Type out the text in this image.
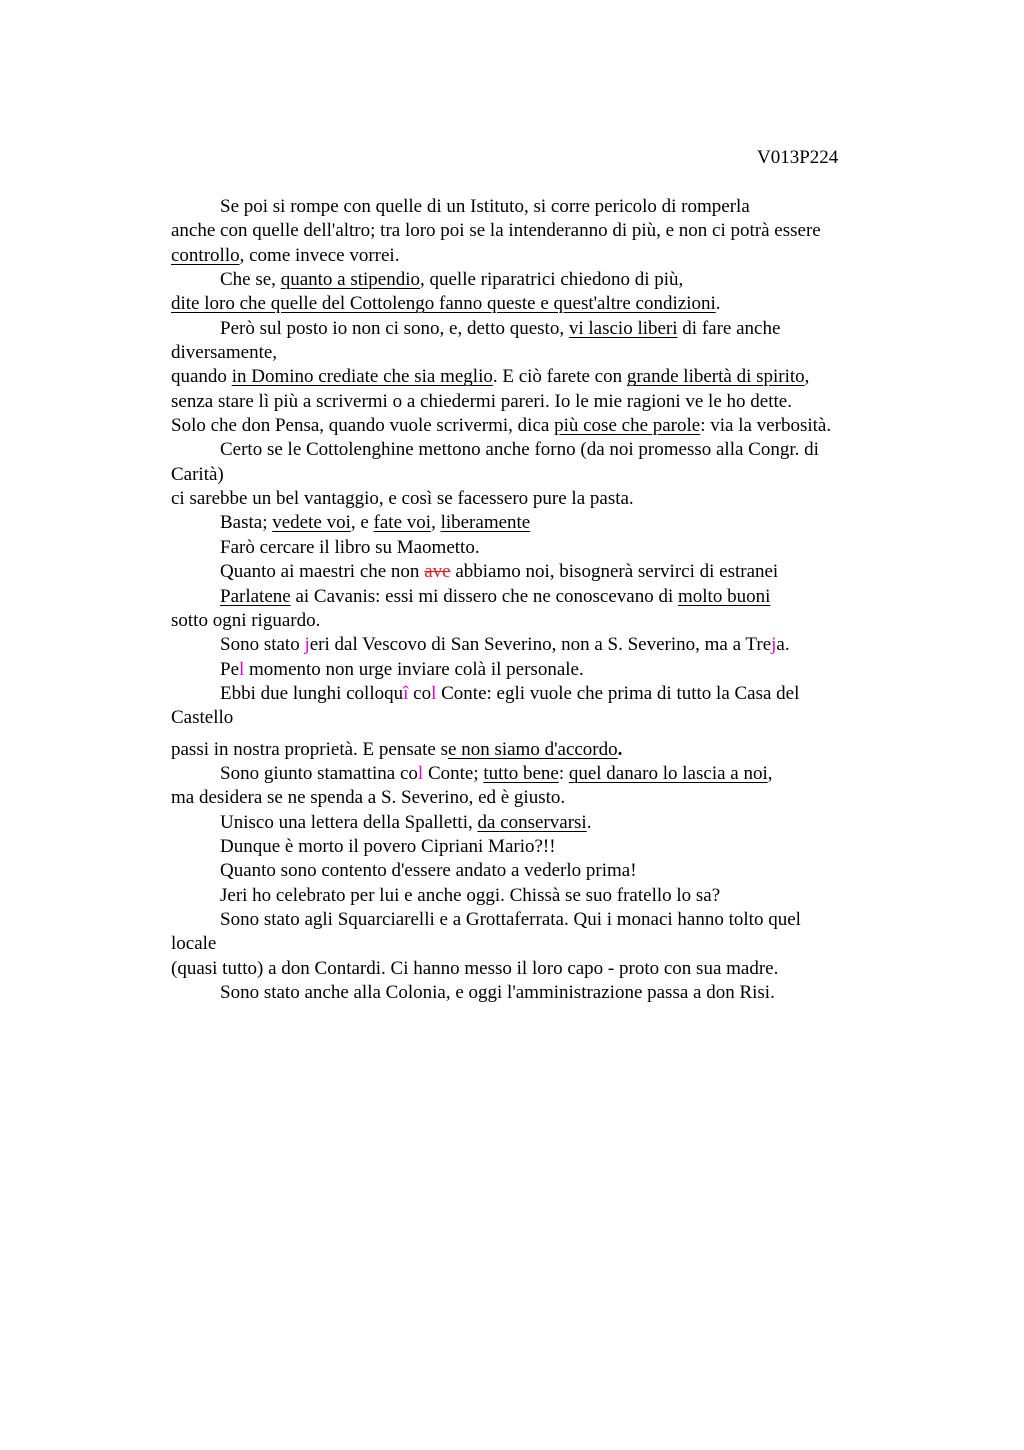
V013P224
Se poi si rompe con quelle di un Istituto, si corre pericolo di romperla
anche con quelle dell'altro; tra loro poi se la intenderanno di più, e non ci potrà essere
controllo, come invece vorrei.
Che se, quanto a stipendio, quelle riparatrici chiedono di più,
dite loro che quelle del Cottolengo fanno queste e quest'altre condizioni.
Però sul posto io non ci sono, e, detto questo, vi lascio liberi di fare anche
diversamente,
quando in Domino crediate che sia meglio. E ciò farete con grande libertà di spirito,
senza stare lì più a scrivermi o a chiedermi pareri. Io le mie ragioni ve le ho dette.
Solo che don Pensa, quando vuole scrivermi, dica più cose che parole: via la verbosità.
Certo se le Cottolenghine mettono anche forno (da noi promesso alla Congr. di
Carità)
ci sarebbe un bel vantaggio, e così se facessero pure la pasta.
Basta; vedete voi, e fate voi, liberamente
Farò cercare il libro su Maometto.
Quanto ai maestri che non ave abbiamo noi, bisognerà servirci di estranei
Parlatene ai Cavanis: essi mi dissero che ne conoscevano di molto buoni
sotto ogni riguardo.
Sono stato jeri dal Vescovo di San Severino, non a S. Severino, ma a Treja.
Pel momento non urge inviare colà il personale.
Ebbi due lunghi colloquî col Conte: egli vuole che prima di tutto la Casa del
Castello
passi in nostra proprietà. E pensate se non siamo d'accordo.
Sono giunto stamattina col Conte; tutto bene: quel danaro lo lascia a noi,
ma desidera se ne spenda a S. Severino, ed è giusto.
Unisco una lettera della Spalletti, da conservarsi.
Dunque è morto il povero Cipriani Mario?!!
Quanto sono contento d'essere andato a vederlo prima!
Jeri ho celebrato per lui e anche oggi. Chissà se suo fratello lo sa?
Sono stato agli Squarciarelli e a Grottaferrata. Qui i monaci hanno tolto quel
locale
(quasi tutto) a don Contardi. Ci hanno messo il loro capo - proto con sua madre.
Sono stato anche alla Colonia, e oggi l'amministrazione passa a don Risi.
